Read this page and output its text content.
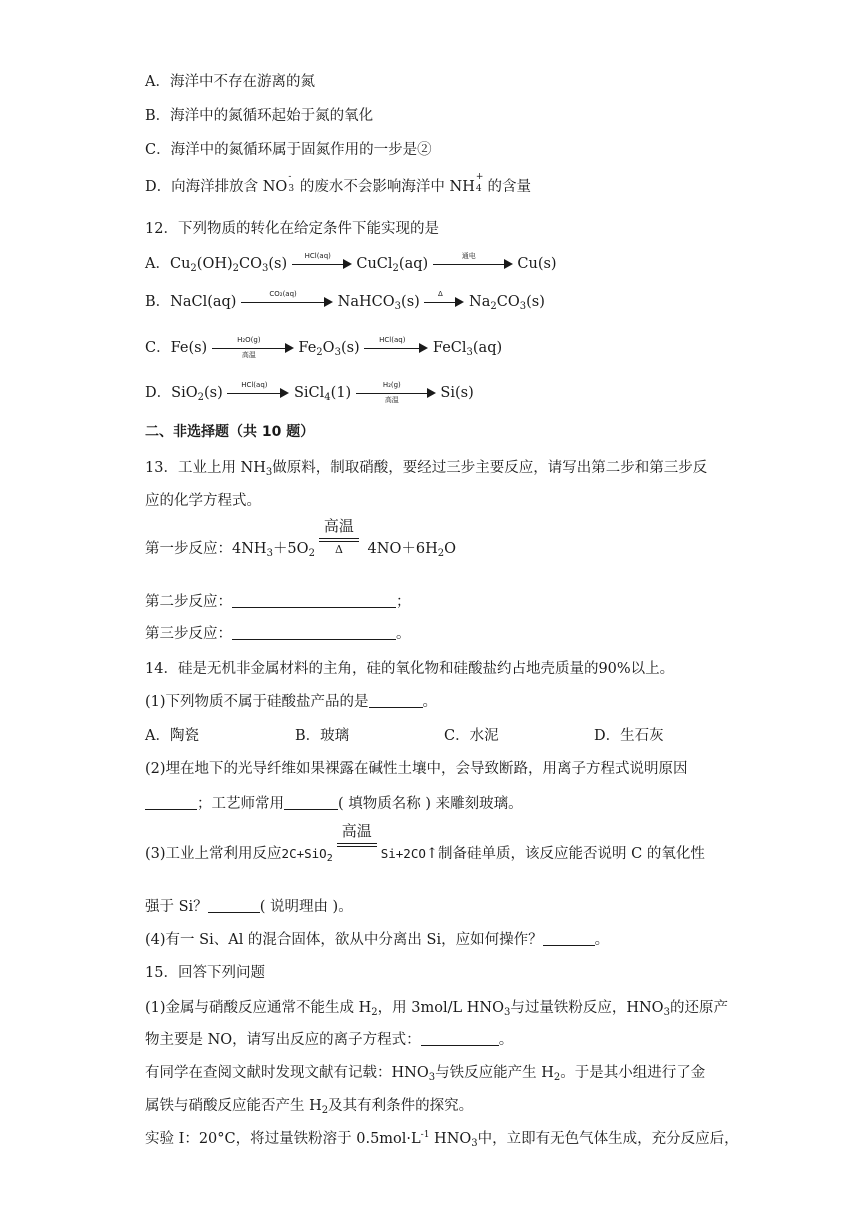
A．海洋中不存在游离的氮
B．海洋中的氮循环起始于氮的氧化
C．海洋中的氮循环属于固氮作用的一步是②
D．向海洋排放含 NO
-
3 的废水不会影响海洋中 NH
+
4 的含量
12．下列物质的转化在给定条件下能实现的是
A．$Cu_2(OH)_2CO_3(s)$	HCl(aq)	CuCl$_2$(aq)	通电	Cu(s)
B．NaCl(aq)	CO₂(aq)	NaHCO$_3$(s)	Δ	$Na_2CO_3(s)$
C．Fe(s)	H₂O(g)
高温	$Fe_2O_3(s)$	HCl(aq)	FeCl$_3$(aq)
D．SiO$_2$(s)	HCl(aq)	SiCl$_4$(1)	H₂(g)
高温	Si(s)
二、非选择题（共 10 题）
13．工业上用 $NH_3$做原料，制取硝酸，要经过三步主要反应，请写出第二步和第三步反
应的化学方程式。
第一步反应：$4NH_3+5O_2$
高温
Δ	$4NO+6H_2O$
第二步反应：	；
第三步反应：	。
14．硅是无机非金属材料的主角，硅的氧化物和硅酸盐约占地壳质量的90%以上。
(1)下列物质不属于硅酸盐产品的是	。
A．陶瓷	B．玻璃	C．水泥	D．生石灰
(2)埋在地下的光导纤维如果裸露在碱性土壤中，会导致断路，用离子方程式说明原因
；工艺师常用	( 填物质名称 ) 来雕刻玻璃。
(3)工业上常利用反应2C+SiO$_2$
高温
Si+2CO↑制备硅单质，该反应能否说明 C 的氧化性
强于 Si？	( 说明理由 )。
(4)有一 Si、Al 的混合固体，欲从中分离出 Si，应如何操作？	。
15．回答下列问题
(1)金属与硝酸反应通常不能生成 $H_2$，用 3mol/L $HNO_3$与过量铁粉反应，$HNO_3$的还原产
物主要是 NO，请写出反应的离子方程式：	。
有同学在查阅文献时发现文献有记载：$HNO_3$与铁反应能产生 $H_2$。于是其小组进行了金
属铁与硝酸反应能否产生 $H_2$及其有利条件的探究。
实验 I：20°C，将过量铁粉溶于 $0.5mol\cdot L^{-1}$ $HNO_3$中，立即有无色气体生成，充分反应后，
